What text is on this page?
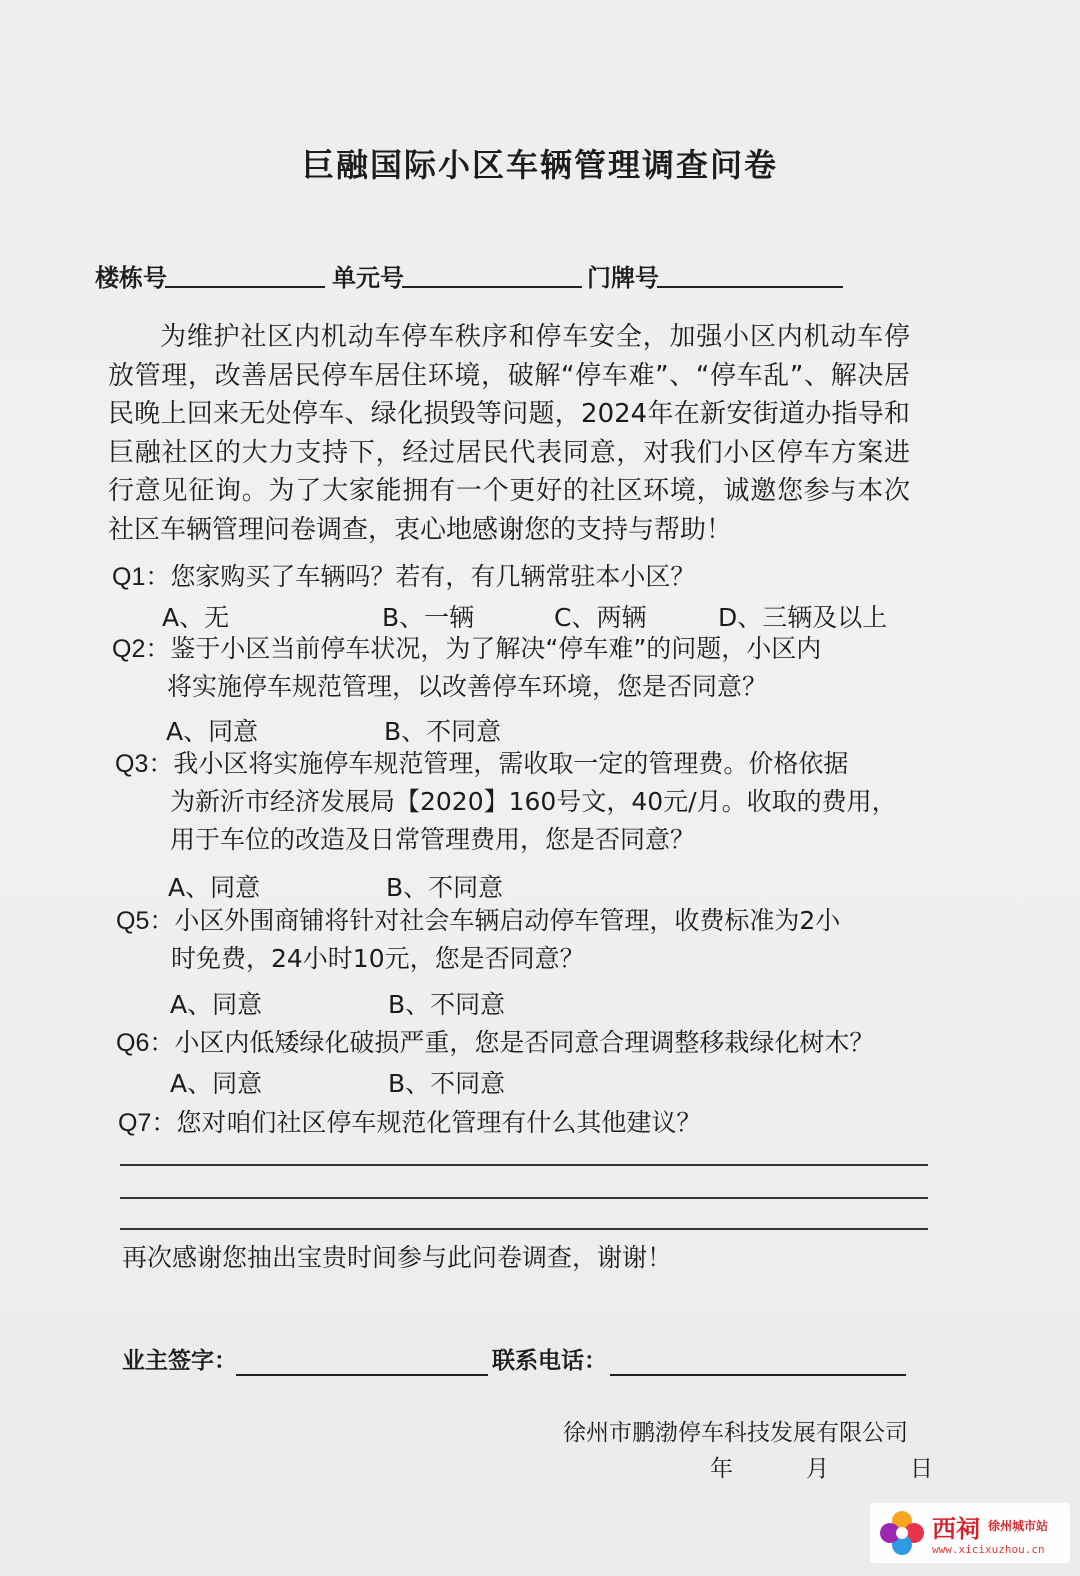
巨融国际小区车辆管理调查问卷
楼栋号	单元号	门牌号
为维护社区内机动车停车秩序和停车安全，加强小区内机动车停放管理，改善居民停车居住环境，破解“停车难”、“停车乱”、解决居民晚上回来无处停车、绿化损毁等问题，2024年在新安街道办指导和巨融社区的大力支持下，经过居民代表同意，对我们小区停车方案进行意见征询。为了大家能拥有一个更好的社区环境，诚邀您参与本次社区车辆管理问卷调查，衷心地感谢您的支持与帮助！
Q1：您家购买了车辆吗？若有，有几辆常驻本小区？
A、无	B、一辆	C、两辆	D、三辆及以上
Q2：鉴于小区当前停车状况，为了解决“停车难”的问题，小区内
将实施停车规范管理，以改善停车环境，您是否同意？
A、同意	B、不同意
Q3：我小区将实施停车规范管理，需收取一定的管理费。价格依据
为新沂市经济发展局【2020】160号文，40元/月。收取的费用，
用于车位的改造及日常管理费用，您是否同意？
A、同意	B、不同意
Q5：小区外围商铺将针对社会车辆启动停车管理，收费标准为2小
时免费，24小时10元，您是否同意？
A、同意	B、不同意
Q6：小区内低矮绿化破损严重，您是否同意合理调整移栽绿化树木？
A、同意	B、不同意
Q7：您对咱们社区停车规范化管理有什么其他建议？
再次感谢您抽出宝贵时间参与此问卷调查，谢谢！
业主签字：	联系电话：
徐州市鹏渤停车科技发展有限公司
年	月	日
西祠 徐州城市站
www.xicixuzhou.cn
